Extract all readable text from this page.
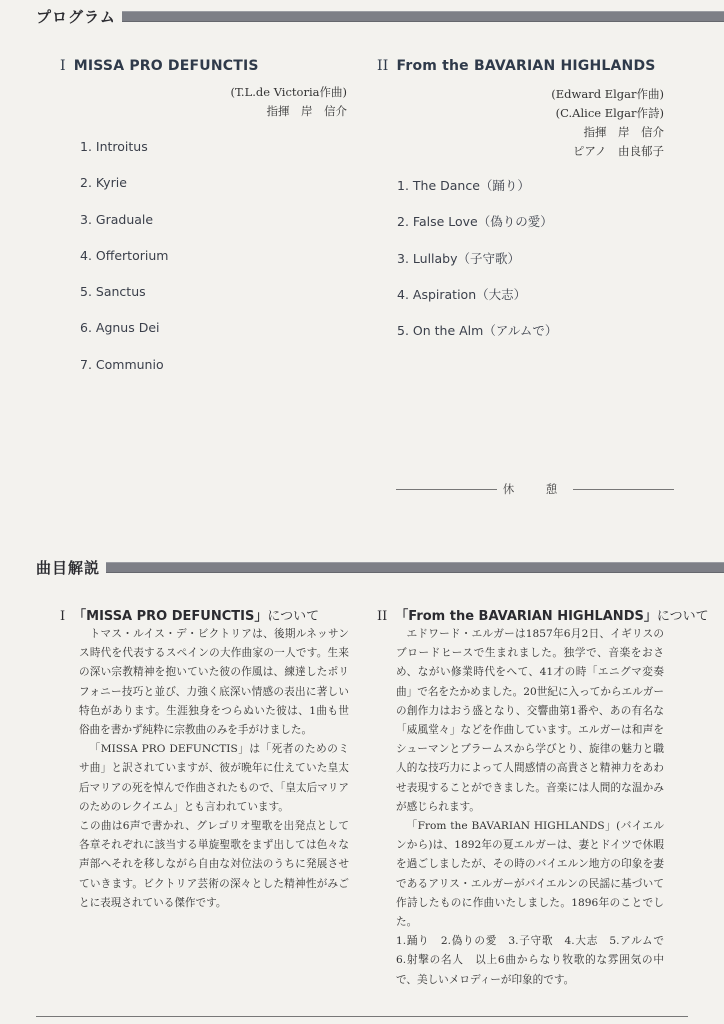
プログラム
I MISSA PRO DEFUNCTIS
(T.L.de Victoria作曲)
指揮　岸　信介
1. Introitus
2. Kyrie
3. Graduale
4. Offertorium
5. Sanctus
6. Agnus Dei
7. Communio
II From the BAVARIAN HIGHLANDS
(Edward Elgar作曲)
(C.Alice Elgar作詩)
指揮　岸　信介
ピアノ　由良郁子
1. The Dance（踊り）
2. False Love（偽りの愛）
3. Lullaby（子守歌）
4. Aspiration（大志）
5. On the Alm（アルムで）
休　憩
曲目解説
I 「MISSA PRO DEFUNCTIS」について

トマス・ルイス・デ・ビクトリアは、後期ルネッサンス時代を代表するスペインの大作曲家の一人です。生来の深い宗教精神を抱いていた彼の作風は、練達したポリフォニー技巧と並び、力強く底深い情感の表出に著しい特色があります。生涯独身をつらぬいた彼は、1曲も世俗曲を書かず純粋に宗教曲のみを手がけました。

「MISSA PRO DEFUNCTIS」は「死者のためのミサ曲」と訳されていますが、彼が晩年に仕えていた皇太后マリアの死を悼んで作曲されたもので、「皇太后マリアのためのレクイエム」とも言われています。

この曲は6声で書かれ、グレゴリオ聖歌を出発点として各章それぞれに該当する単旋聖歌をまず出しては色々な声部へそれを移しながら自由な対位法のうちに発展させていきます。ビクトリア芸術の深々とした精神性がみごとに表現されている傑作です。

II 「From the BAVARIAN HIGHLANDS」について

エドワード・エルガーは1857年6月2日、イギリスのブロードヒースで生まれました。独学で、音楽をおさめ、ながい修業時代をへて、41才の時「エニグマ変奏曲」で名をたかめました。20世紀に入ってからエルガーの創作力はおう盛となり、交響曲第1番や、あの有名な「威風堂々」などを作曲しています。エルガーは和声をシューマンとブラームスから学びとり、旋律の魅力と職人的な技巧力によって人間感情の高貴さと精神力をあわせ表現することができました。音楽には人間的な温かみが感じられます。

「From the BAVARIAN HIGHLANDS」(バイエルンから)は、1892年の夏エルガーは、妻とドイツで休暇を過ごしましたが、その時のバイエルン地方の印象を妻であるアリス・エルガーがバイエルンの民謡に基づいて作詩したものに作曲いたしました。1896年のことでした。

1.踊り　2.偽りの愛　3.子守歌　4.大志　5.アルムで　6.射撃の名人　以上6曲からなり牧歌的な雰囲気の中で、美しいメロディーが印象的です。
